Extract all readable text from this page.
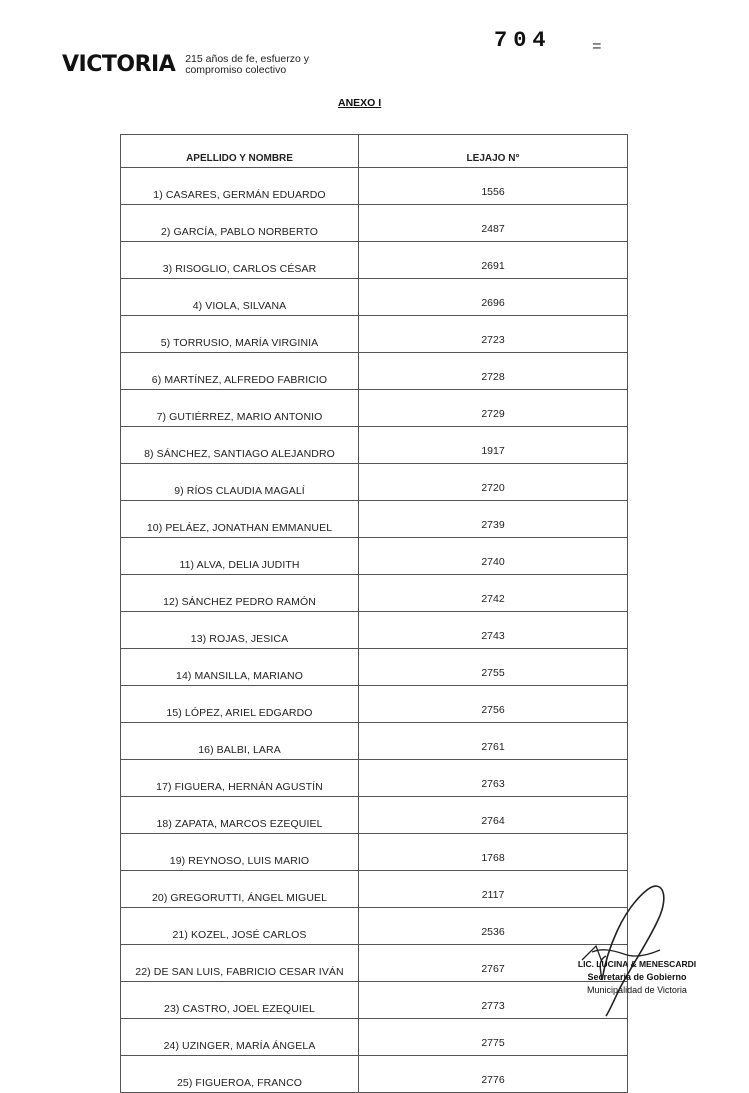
704	=
VICTORIA 215 años de fe, esfuerzo y compromiso colectivo
ANEXO I
APELLIDO Y NOMBRE	LEJAJO N°
1) CASARES, GERMÁN EDUARDO	1556
2) GARCÍA, PABLO NORBERTO	2487
3) RISOGLIO, CARLOS CÉSAR	2691
4) VIOLA, SILVANA	2696
5) TORRUSIO, MARÍA VIRGINIA	2723
6) MARTÍNEZ, ALFREDO FABRICIO	2728
7) GUTIÉRREZ, MARIO ANTONIO	2729
8) SÁNCHEZ, SANTIAGO ALEJANDRO	1917
9) RÍOS CLAUDIA MAGALÍ	2720
10) PELÁEZ, JONATHAN EMMANUEL	2739
11) ALVA, DELIA JUDITH	2740
12) SÁNCHEZ PEDRO RAMÓN	2742
13) ROJAS, JESICA	2743
14) MANSILLA, MARIANO	2755
15) LÓPEZ, ARIEL EDGARDO	2756
16) BALBI, LARA	2761
17) FIGUERA, HERNÁN AGUSTÍN	2763
18) ZAPATA, MARCOS EZEQUIEL	2764
19) REYNOSO, LUIS MARIO	1768
20) GREGORUTTI, ÁNGEL MIGUEL	2117
21) KOZEL, JOSÉ CARLOS	2536
22) DE SAN LUIS, FABRICIO CESAR IVÁN	2767
23) CASTRO, JOEL EZEQUIEL	2773
24) UZINGER, MARÍA ÁNGELA	2775
25) FIGUEROA, FRANCO	2776
LIC. LUCINA & MENESCARDI
Secretaria de Gobierno
Municipalidad de Victoria
